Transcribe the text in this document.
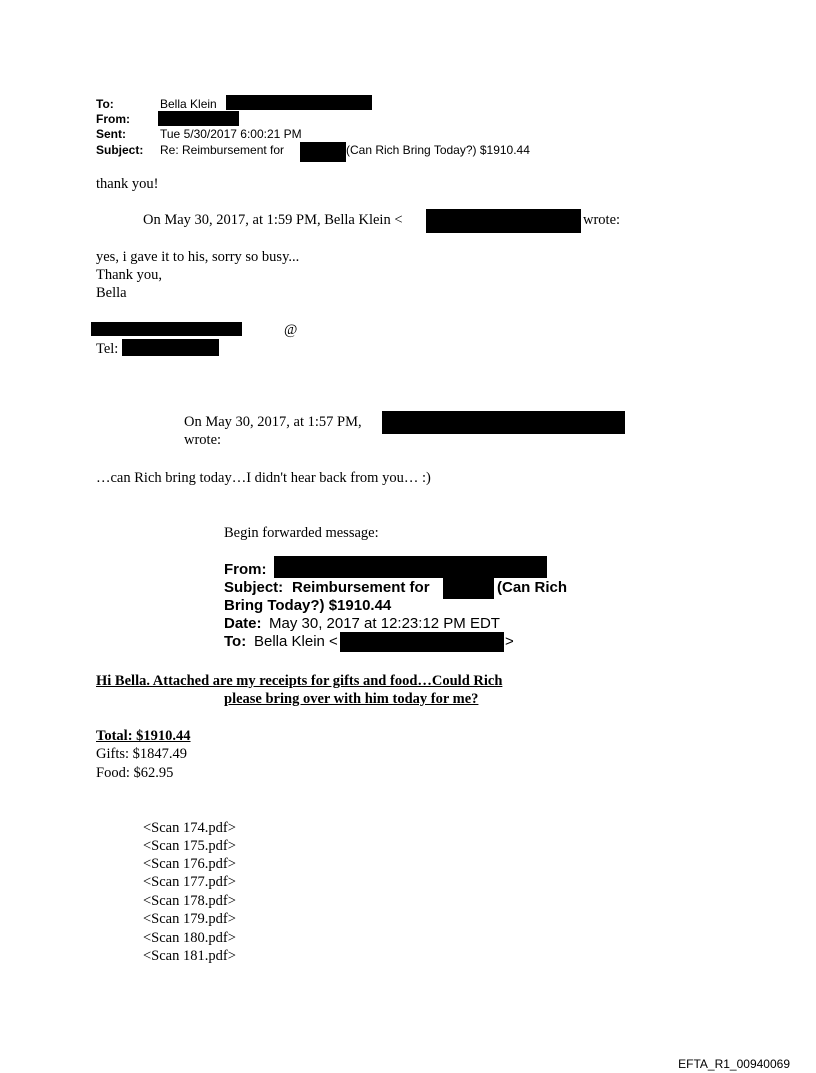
To:	Bella Klein
From:
Sent:	Tue 5/30/2017 6:00:21 PM
Subject: Re: Reimbursement for	(Can Rich Bring Today?) $1910.44
thank you!
On May 30, 2017, at 1:59 PM, Bella Klein <	wrote:
yes, i gave it to his, sorry so busy...
Thank you,
Bella
@
Tel:
On May 30, 2017, at 1:57 PM,
wrote:
…can Rich bring today…I didn't hear back from you… :)
Begin forwarded message:
From:
Subject: Reimbursement for	(Can Rich
Bring Today?) $1910.44
Date: May 30, 2017 at 12:23:12 PM EDT
To: Bella Klein <	>
Hi Bella. Attached are my receipts for gifts and food…Could Rich
please bring over with him today for me?
Total: $1910.44
Gifts: $1847.49
Food: $62.95
<Scan 174.pdf>
<Scan 175.pdf>
<Scan 176.pdf>
<Scan 177.pdf>
<Scan 178.pdf>
<Scan 179.pdf>
<Scan 180.pdf>
<Scan 181.pdf>
EFTA_R1_00940069
